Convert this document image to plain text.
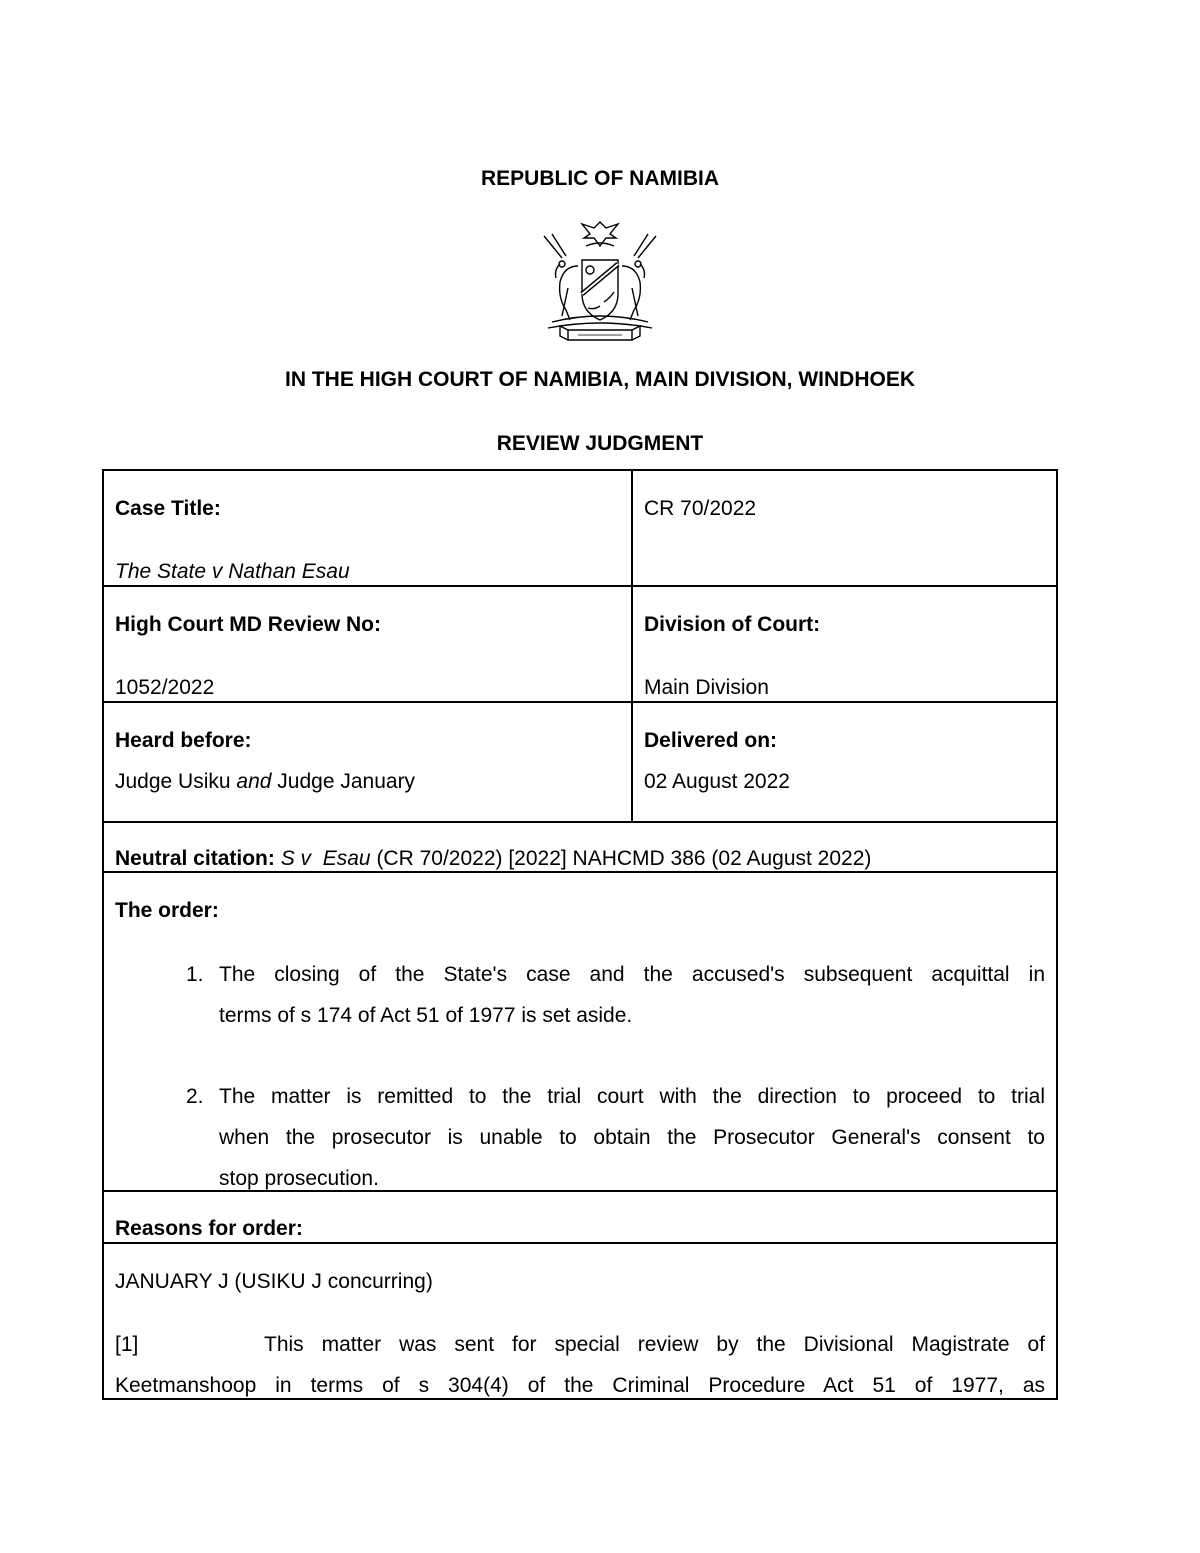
REPUBLIC OF NAMIBIA
IN THE HIGH COURT OF NAMIBIA, MAIN DIVISION, WINDHOEK
REVIEW JUDGMENT
Case Title:
The State v Nathan Esau
CR 70/2022
High Court MD Review No:
1052/2022
Division of Court:
Main Division
Heard before:
Judge Usiku and Judge January
Delivered on:
02 August 2022
Neutral citation: S v  Esau (CR 70/2022) [2022] NAHCMD 386 (02 August 2022)
The order:
1. The closing of the State's case and the accused's subsequent acquittal in
terms of s 174 of Act 51 of 1977 is set aside.
2. The matter is remitted to the trial court with the direction to proceed to trial
when the prosecutor is unable to obtain the Prosecutor General's consent to
stop prosecution.
Reasons for order:
JANUARY J (USIKU J concurring)
[1]       This matter was sent for special review by the Divisional Magistrate of
Keetmanshoop in terms of s 304(4) of the Criminal Procedure Act 51 of 1977, as
